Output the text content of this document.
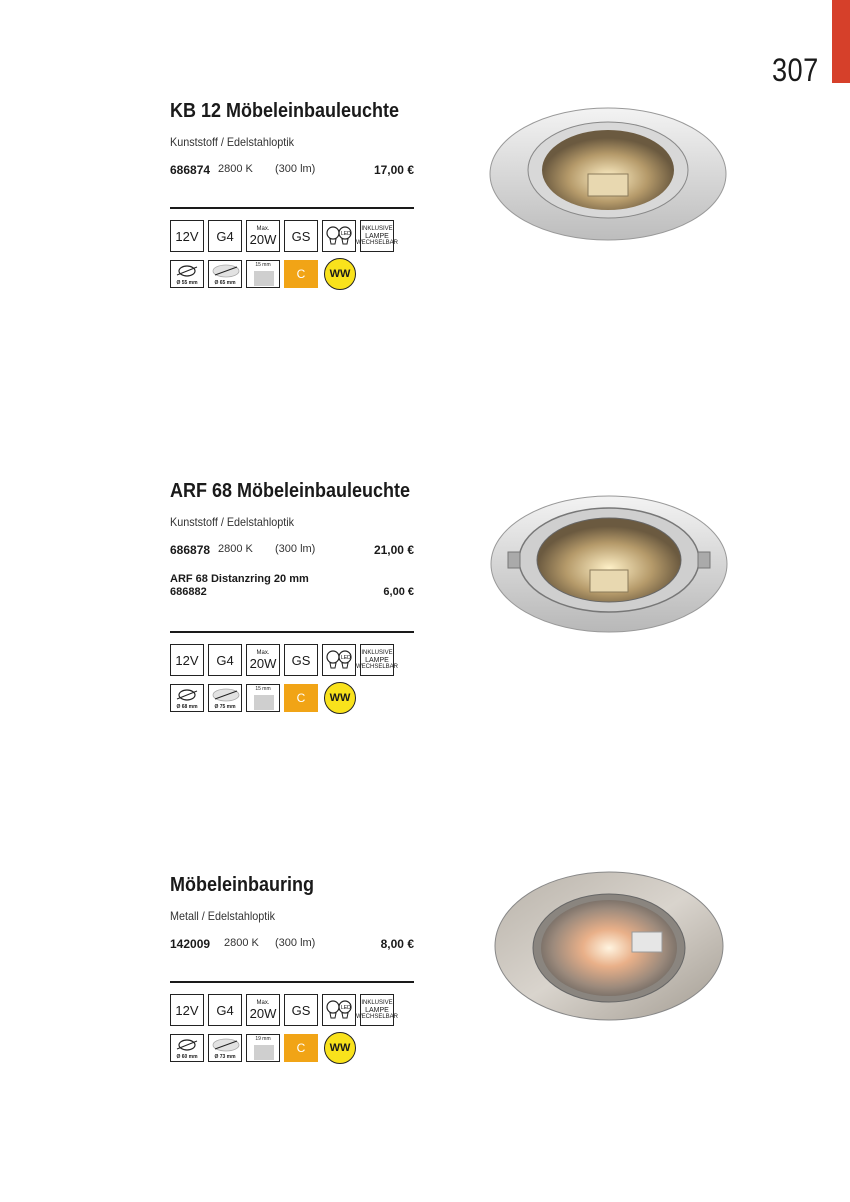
307
KB 12 Möbeleinbauleuchte
Kunststoff / Edelstahloptik
686874 2800 K (300 lm)	17,00 €
12V	G4	Max.
20W	GS	LED
INKLUSIVE
LAMPE
WECHSELBAR
Ø 55 mm	Ø 65 mm
15 mm
C	WW
ARF 68 Möbeleinbauleuchte
Kunststoff / Edelstahloptik
686878 2800 K (300 lm)	21,00 €
ARF 68 Distanzring 20 mm
686882	6,00 €
12V	G4	Max.
20W	GS	LED
INKLUSIVE
LAMPE
WECHSELBAR
Ø 68 mm	Ø 75 mm
15 mm
C	WW
Möbeleinbauring
Metall / Edelstahloptik
142009 2800 K (300 lm)	8,00 €
12V	G4	Max.
20W	GS	LED
INKLUSIVE
LAMPE
WECHSELBAR
Ø 60 mm	Ø 73 mm
19 mm
C	WW
